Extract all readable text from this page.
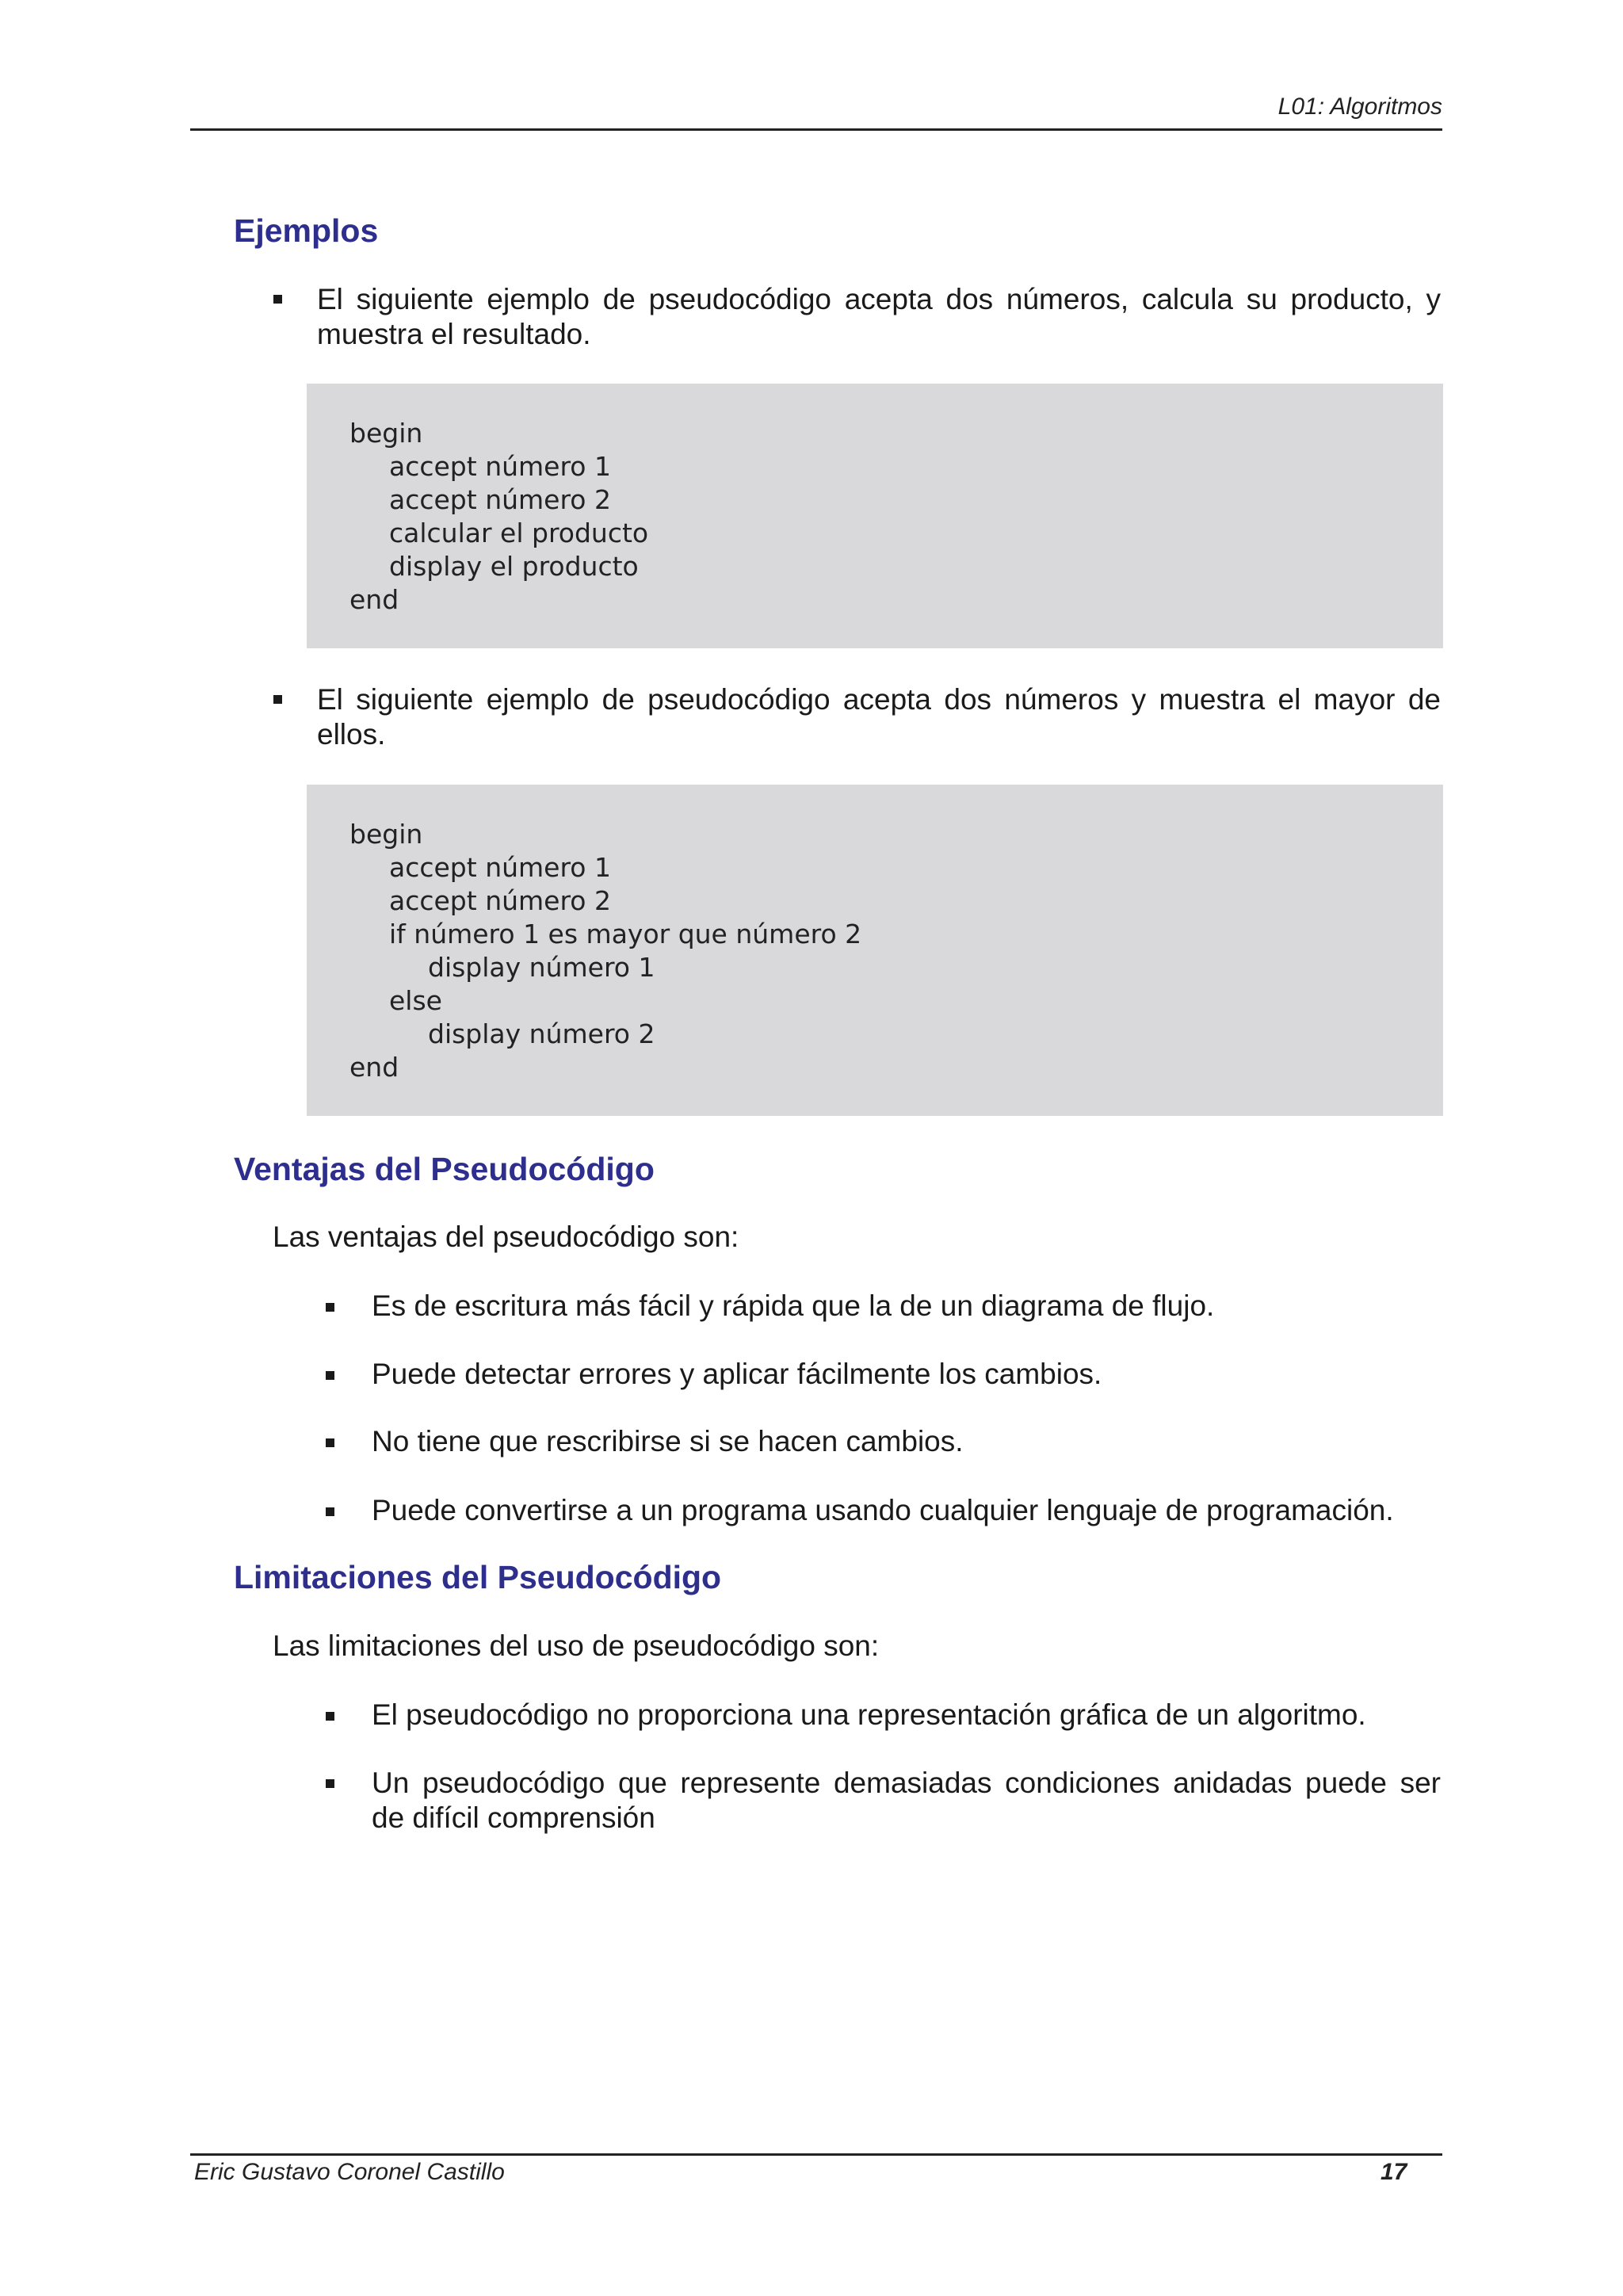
L01: Algoritmos
Ejemplos
El siguiente ejemplo de pseudocódigo acepta dos números, calcula su producto, y muestra el resultado.
begin
accept número 1
accept número 2
calcular el producto
display el producto
end
El siguiente ejemplo de pseudocódigo acepta dos números y muestra el mayor de ellos.
begin
accept número 1
accept número 2
if número 1 es mayor que número 2
display número 1
else
display número 2
end
Ventajas del Pseudocódigo
Las ventajas del pseudocódigo son:
Es de escritura más fácil y rápida que la de un diagrama de flujo.
Puede detectar errores y aplicar fácilmente los cambios.
No tiene que rescribirse si se hacen cambios.
Puede convertirse a un programa usando cualquier lenguaje de programación.
Limitaciones del Pseudocódigo
Las limitaciones del uso de pseudocódigo son:
El pseudocódigo no proporciona una representación gráfica de un algoritmo.
Un pseudocódigo que represente demasiadas condiciones anidadas puede ser de difícil comprensión
Eric Gustavo Coronel Castillo	17
